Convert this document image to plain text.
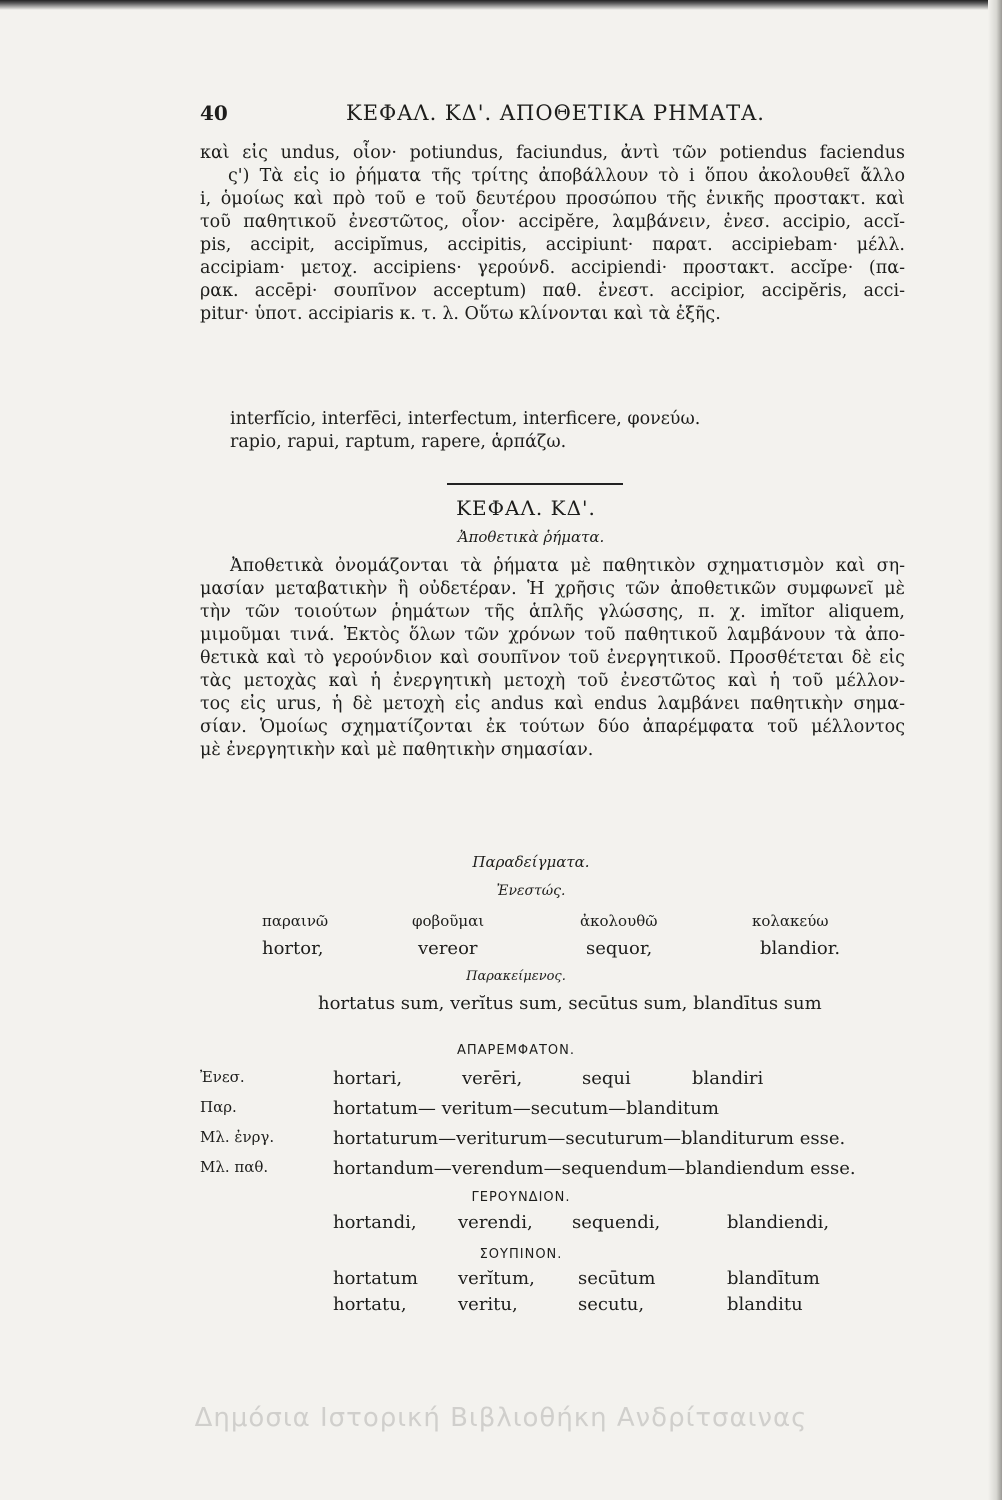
40	ΚΕΦΑΛ. ΚΔ'. ΑΠΟΘΕΤΙΚΑ ΡΗΜΑΤΑ.
καὶ εἰς undus, οἷον· potiundus, faciundus, ἀντὶ τῶν potiendus faciendus
ς') Τὰ εἰς io ῥήματα τῆς τρίτης ἀποβάλλουν τὸ i ὅπου ἀκολουθεῖ ἄλλο
i, ὁμοίως καὶ πρὸ τοῦ e τοῦ δευτέρου προσώπου τῆς ἑνικῆς προστακτ. καὶ
τοῦ παθητικοῦ ἐνεστῶτος, οἷον· accipĕre, λαμβάνειν, ἐνεσ. accipio, accĭ-
pis, accipit, accipĭmus, accipitis, accipiunt· παρατ. accipiebam· μέλλ.
accipiam· μετοχ. accipiens· γερούνδ. accipiendi· προστακτ. accĭpe· (πα-
ρακ. accēpi· σουπῖνον acceptum) παθ. ἐνεστ. accipior, accipĕris, acci-
pitur· ὑποτ. accipiaris κ. τ. λ. Οὕτω κλίνονται καὶ τὰ ἑξῆς.
interfĭcio, interfēci, interfectum, interficere, φονεύω.
rapio, rapui, raptum, rapere, ἁρπάζω.
ΚΕΦΑΛ. ΚΔ'.
Ἀποθετικὰ ῥήματα.
Ἀποθετικὰ ὀνομάζονται τὰ ῥήματα μὲ παθητικὸν σχηματισμὸν καὶ ση-
μασίαν μεταβατικὴν ἢ οὐδετέραν. Ἡ χρῆσις τῶν ἀποθετικῶν συμφωνεῖ μὲ
τὴν τῶν τοιούτων ῥημάτων τῆς ἁπλῆς γλώσσης, π. χ. imĭtor aliquem,
μιμοῦμαι τινά. Ἐκτὸς ὅλων τῶν χρόνων τοῦ παθητικοῦ λαμβάνουν τὰ ἀπο-
θετικὰ καὶ τὸ γερούνδιον καὶ σουπῖνον τοῦ ἐνεργητικοῦ. Προσθέτεται δὲ εἰς
τὰς μετοχὰς καὶ ἡ ἐνεργητικὴ μετοχὴ τοῦ ἐνεστῶτος καὶ ἡ τοῦ μέλλον-
τος εἰς urus, ἡ δὲ μετοχὴ εἰς andus καὶ endus λαμβάνει παθητικὴν σημα-
σίαν. Ὁμοίως σχηματίζονται ἐκ τούτων δύο ἀπαρέμφατα τοῦ μέλλοντος
μὲ ἐνεργητικὴν καὶ μὲ παθητικὴν σημασίαν.
Παραδείγματα.
Ἐνεστώς.
παραινῶ	φοβοῦμαι	ἀκολουθῶ	κολακεύω
hortor,	vereor	sequor,	blandior.
Παρακείμενος.
hortatus sum, verĭtus sum, secūtus sum, blandītus sum
ΑΠΑΡΕΜΦΑΤΟΝ.
Ἐνεσ.	hortari,	verēri,	sequi	blandiri
Παρ.	hortatum— veritum—secutum—blanditum
Μλ. ἐνργ.	hortaturum—veriturum—secuturum—blanditurum esse.
Μλ. παθ.	hortandum—verendum—sequendum—blandiendum esse.
ΓΕΡΟΥΝΔΙΟΝ.
hortandi, verendi, sequendi,	blandiendi,
ΣΟΥΠΙΝΟΝ.
hortatum verĭtum, secūtum	blandītum
hortatu,	veritu,	secutu,	blanditu
Δημόσια Ιστορική Βιβλιοθήκη Ανδρίτσαινας
